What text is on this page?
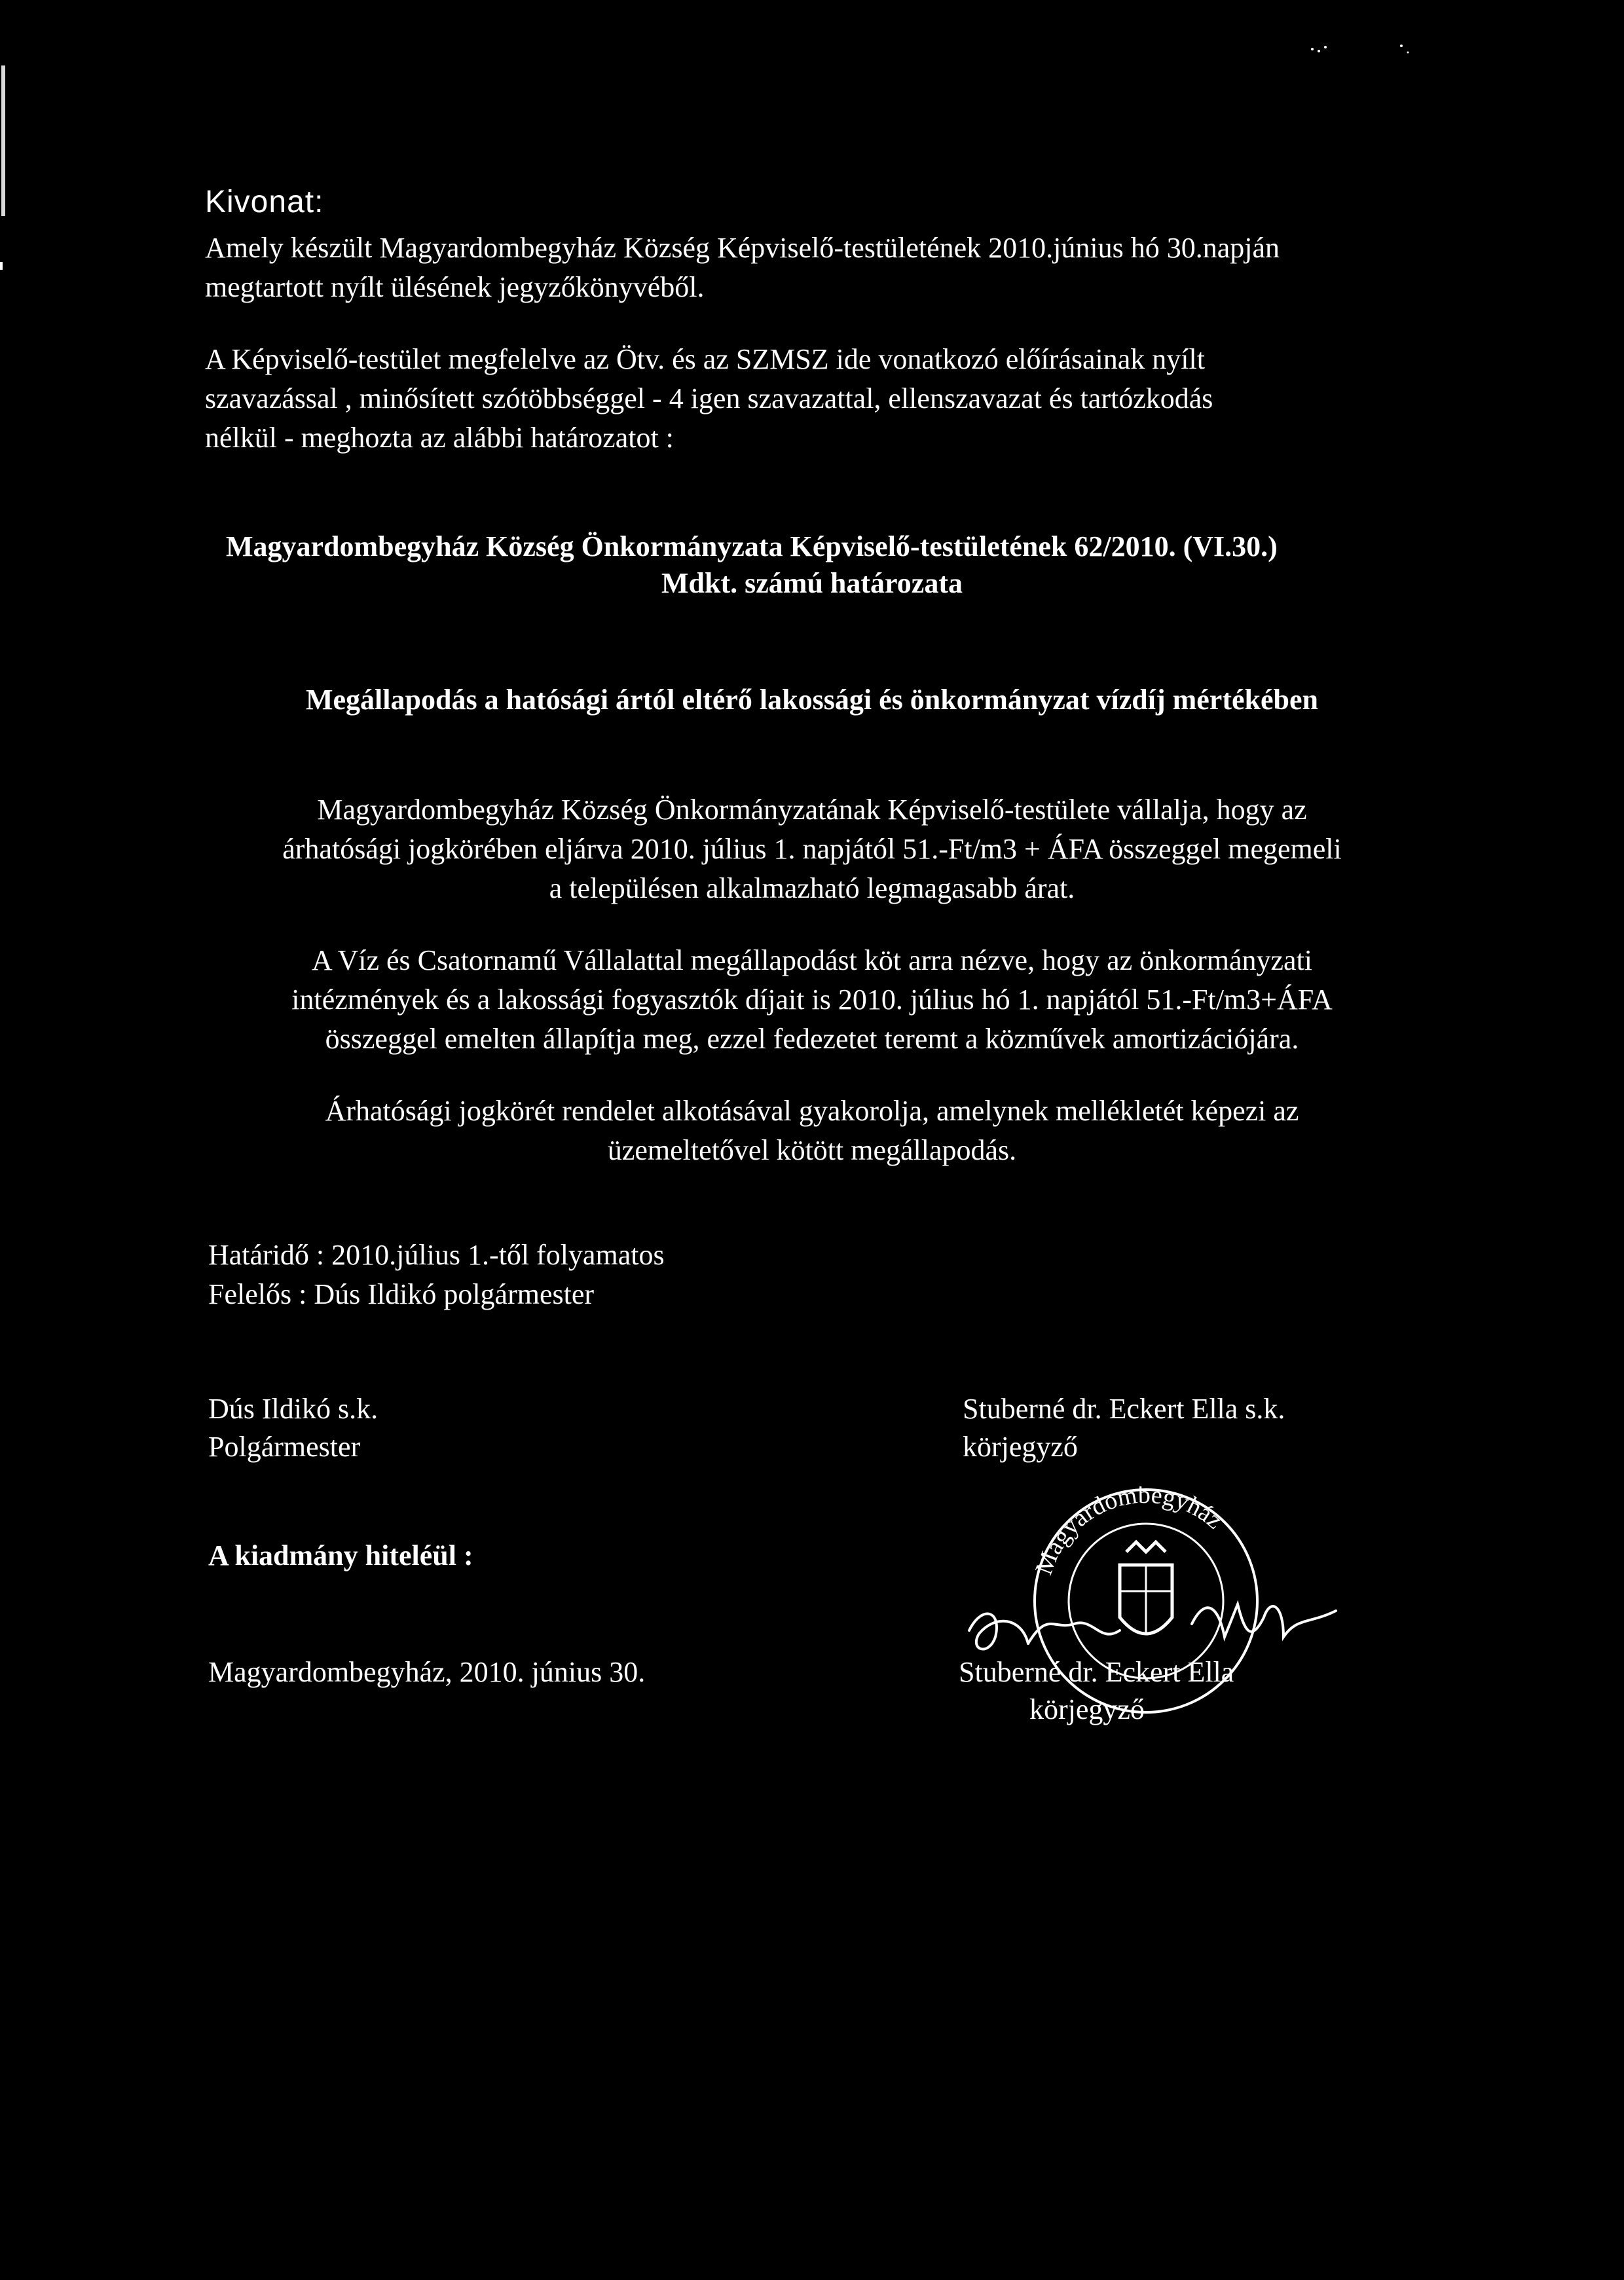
Kivonat:
Amely készült Magyardombegyház Község Képviselő-testületének 2010.június hó 30.napján
megtartott nyílt ülésének jegyzőkönyvéből.
A Képviselő-testület megfelelve az Ötv. és az SZMSZ ide vonatkozó előírásainak nyílt
szavazással , minősített szótöbbséggel - 4 igen szavazattal, ellenszavazat és tartózkodás
nélkül - meghozta az alábbi határozatot :
Magyardombegyház Község Önkormányzata Képviselő-testületének 62/2010. (VI.30.)
Mdkt. számú határozata
Megállapodás a hatósági ártól eltérő lakossági és önkormányzat vízdíj mértékében
Magyardombegyház Község Önkormányzatának Képviselő-testülete vállalja, hogy az
árhatósági jogkörében eljárva 2010. július 1. napjától 51.-Ft/m3 + ÁFA összeggel megemeli
a településen alkalmazható legmagasabb árat.
A Víz és Csatornamű Vállalattal megállapodást köt arra nézve, hogy az önkormányzati
intézmények és a lakossági fogyasztók díjait is 2010. július hó 1. napjától 51.-Ft/m3+ÁFA
összeggel emelten állapítja meg, ezzel fedezetet teremt a közművek amortizációjára.
Árhatósági jogkörét rendelet alkotásával gyakorolja, amelynek mellékletét képezi az
üzemeltetővel kötött megállapodás.
Határidő : 2010.július 1.-től folyamatos
Felelős : Dús Ildikó polgármester
Dús Ildikó s.k.
Polgármester
Stuberné dr. Eckert Ella s.k.
körjegyző
A kiadmány hiteléül :
Magyardombegyház, 2010. június 30.	Stuberné dr. Eckert Ella
körjegyző
Magyardombegyház
